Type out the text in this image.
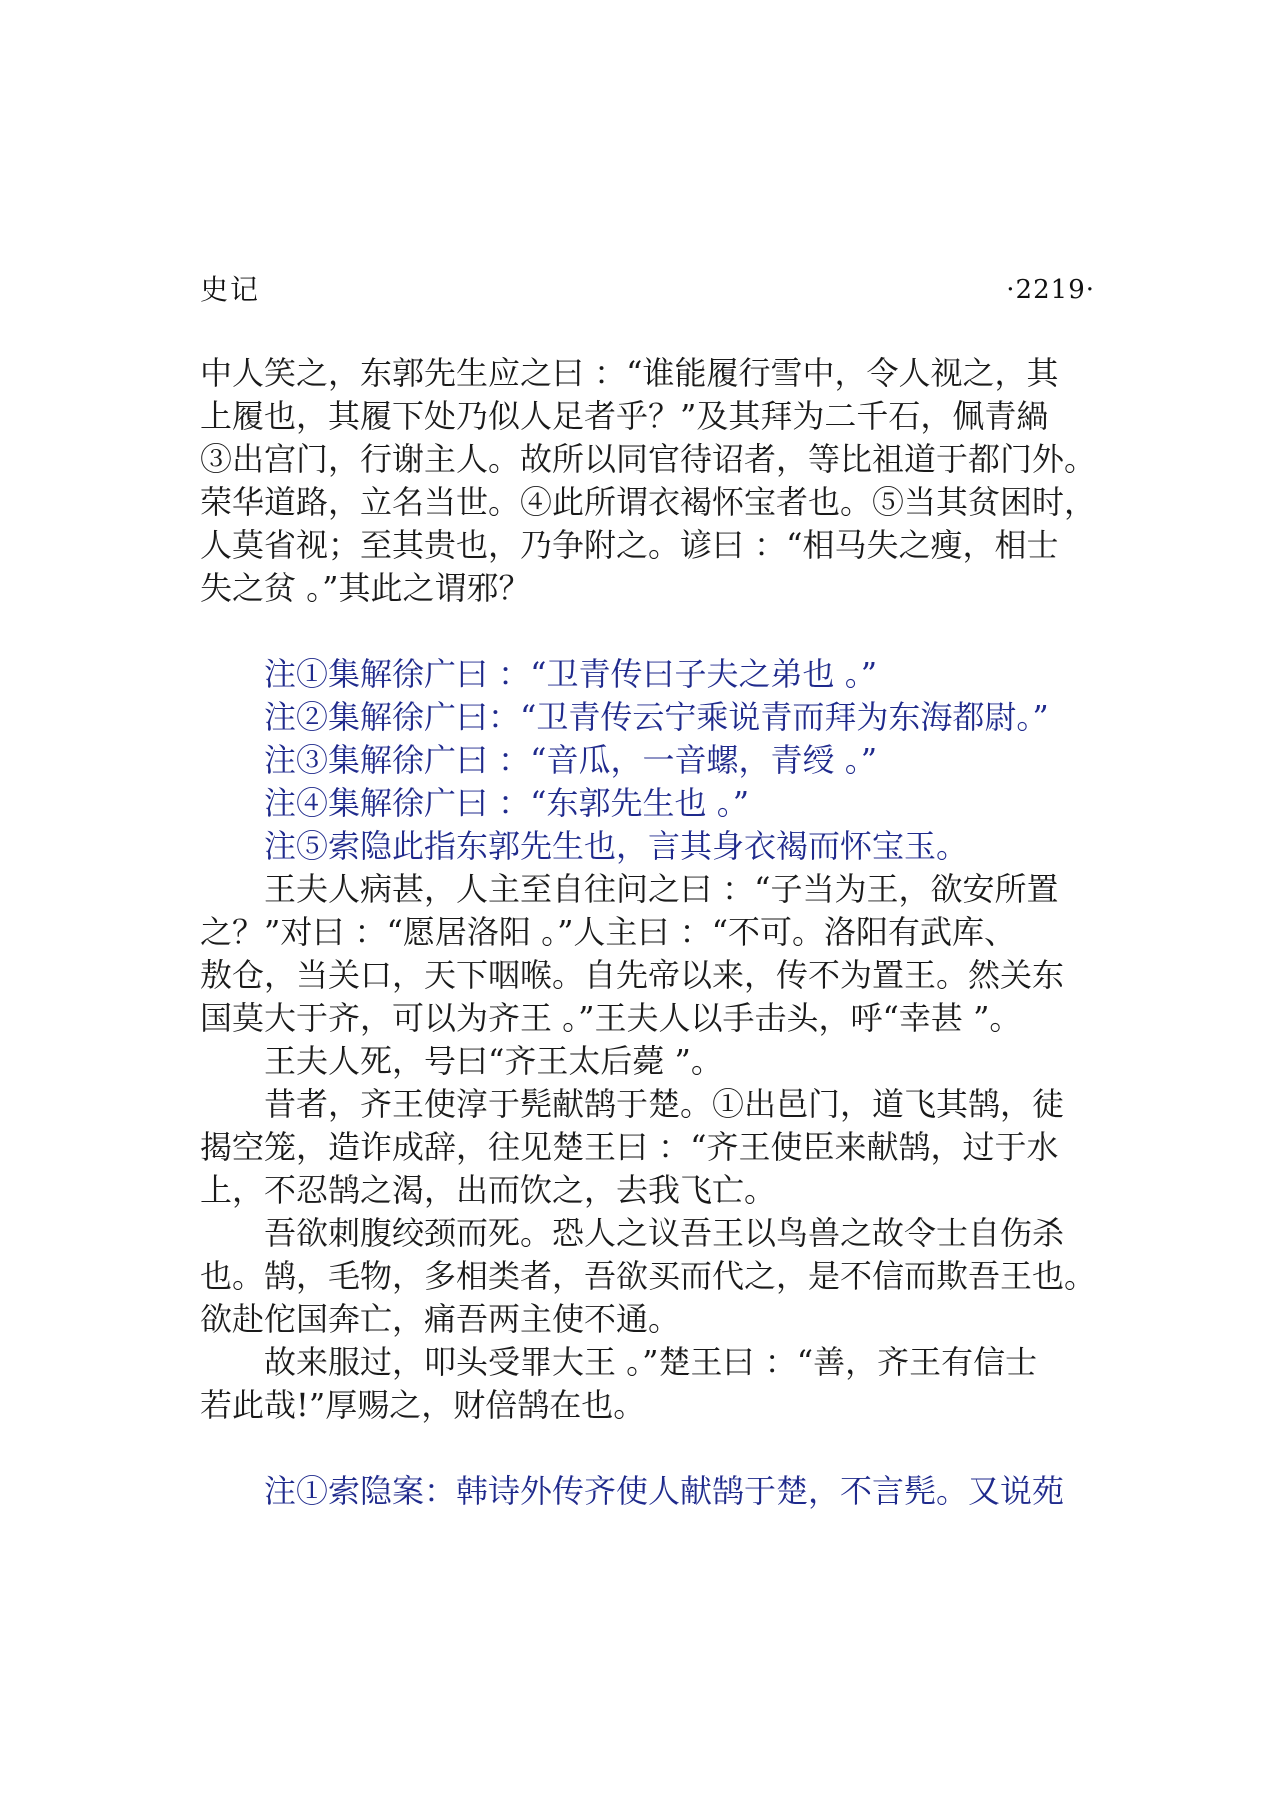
史记	·2219·
中人笑之，东郭先生应之曰 ：“谁能履行雪中，令人视之，其
上履也，其履下处乃似人足者乎？”及其拜为二千石，佩青緺
③出宫门，行谢主人。故所以同官待诏者，等比祖道于都门外。
荣华道路，立名当世。④此所谓衣褐怀宝者也。⑤当其贫困时，
人莫省视；至其贵也，乃争附之。谚曰 ：“相马失之瘦，相士
失之贫 。”其此之谓邪？
注①集解徐广曰 ：“卫青传曰子夫之弟也 。”
注②集解徐广曰：“卫青传云宁乘说青而拜为东海都尉。”
注③集解徐广曰 ：“音瓜，一音螺，青绶 。”
注④集解徐广曰 ：“东郭先生也 。”
注⑤索隐此指东郭先生也，言其身衣褐而怀宝玉。
王夫人病甚，人主至自往问之曰 ：“子当为王，欲安所置
之？”对曰 ：“愿居洛阳 。”人主曰 ：“不可。洛阳有武库、
敖仓，当关口，天下咽喉。自先帝以来，传不为置王。然关东
国莫大于齐，可以为齐王 。”王夫人以手击头，呼“幸甚 ”。
王夫人死，号曰“齐王太后薨 ”。
昔者，齐王使淳于髡献鹄于楚。①出邑门，道飞其鹄，徒
揭空笼，造诈成辞，往见楚王曰 ：“齐王使臣来献鹄，过于水
上，不忍鹄之渴，出而饮之，去我飞亡。
吾欲刺腹绞颈而死。恐人之议吾王以鸟兽之故令士自伤杀
也。鹄，毛物，多相类者，吾欲买而代之，是不信而欺吾王也。
欲赴佗国奔亡，痛吾两主使不通。
故来服过，叩头受罪大王 。”楚王曰 ：“善，齐王有信士
若此哉!”厚赐之，财倍鹄在也。
注①索隐案：韩诗外传齐使人献鹄于楚，不言髡。又说苑
